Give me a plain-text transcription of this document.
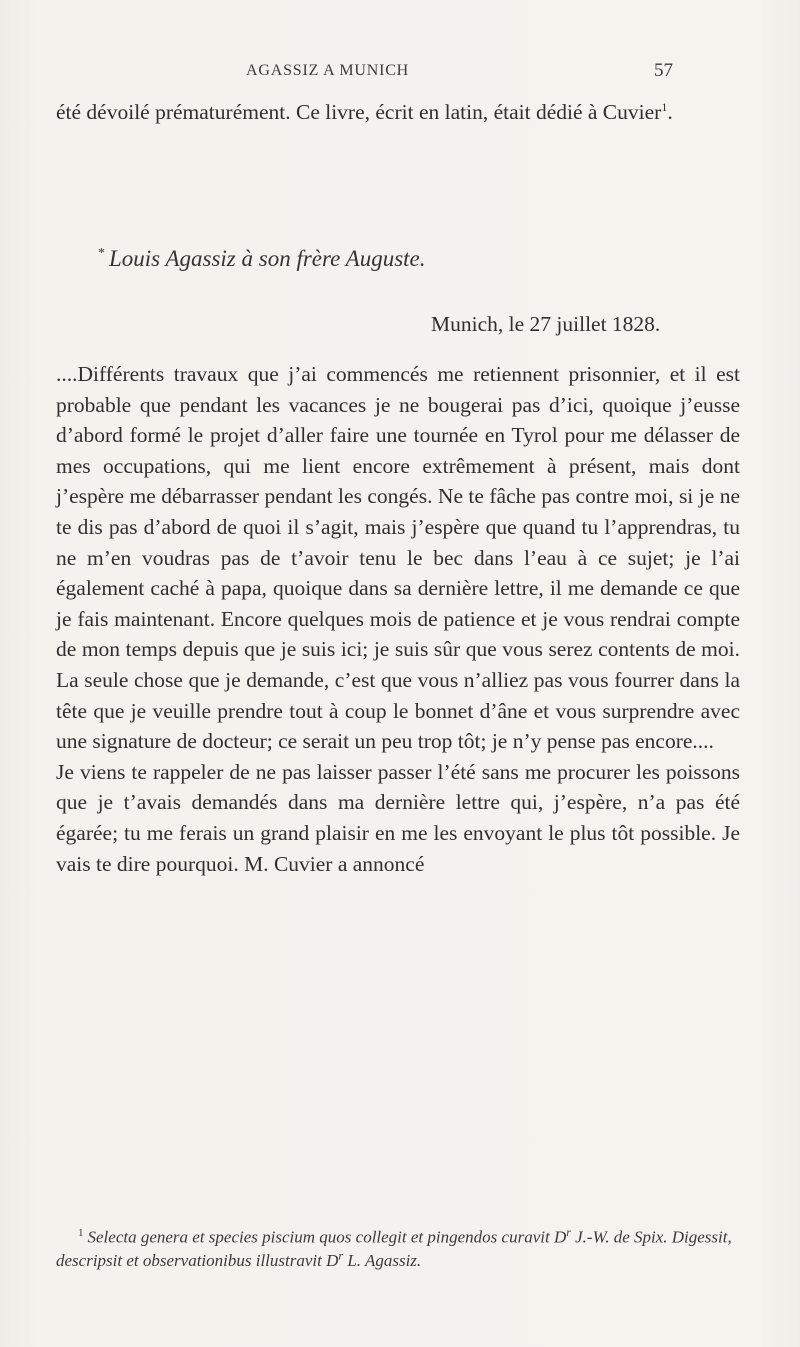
AGASSIZ A MUNICH	57
été dévoilé prématurément. Ce livre, écrit en latin, était dédié à Cuvier$^1$.
* Louis Agassiz à son frère Auguste.
Munich, le 27 juillet 1828.

....Différents travaux que j’ai commencés me retiennent prisonnier, et il est probable que pendant les vacances je ne bougerai pas d’ici, quoique j’eusse d’abord formé le projet d’aller faire une tournée en Tyrol pour me délasser de mes occupations, qui me lient encore extrêmement à présent, mais dont j’espère me débarrasser pendant les congés. Ne te fâche pas contre moi, si je ne te dis pas d’abord de quoi il s’agit, mais j’espère que quand tu l’apprendras, tu ne m’en voudras pas de t’avoir tenu le bec dans l’eau à ce sujet; je l’ai également caché à papa, quoique dans sa dernière lettre, il me demande ce que je fais maintenant. Encore quelques mois de patience et je vous rendrai compte de mon temps depuis que je suis ici; je suis sûr que vous serez contents de moi. La seule chose que je demande, c’est que vous n’alliez pas vous fourrer dans la tête que je veuille prendre tout à coup le bonnet d’âne et vous surprendre avec une signature de docteur; ce serait un peu trop tôt; je n’y pense pas encore....

Je viens te rappeler de ne pas laisser passer l’été sans me procurer les poissons que je t’avais demandés dans ma dernière lettre qui, j’espère, n’a pas été égarée; tu me ferais un grand plaisir en me les envoyant le plus tôt possible. Je vais te dire pourquoi. M. Cuvier a annoncé

$^1$ Selecta genera et species piscium quos collegit et pingendos curavit $D^r$ J.-W. de Spix. Digessit, descripsit et observationibus illustravit $D^r$ L. Agassiz.
